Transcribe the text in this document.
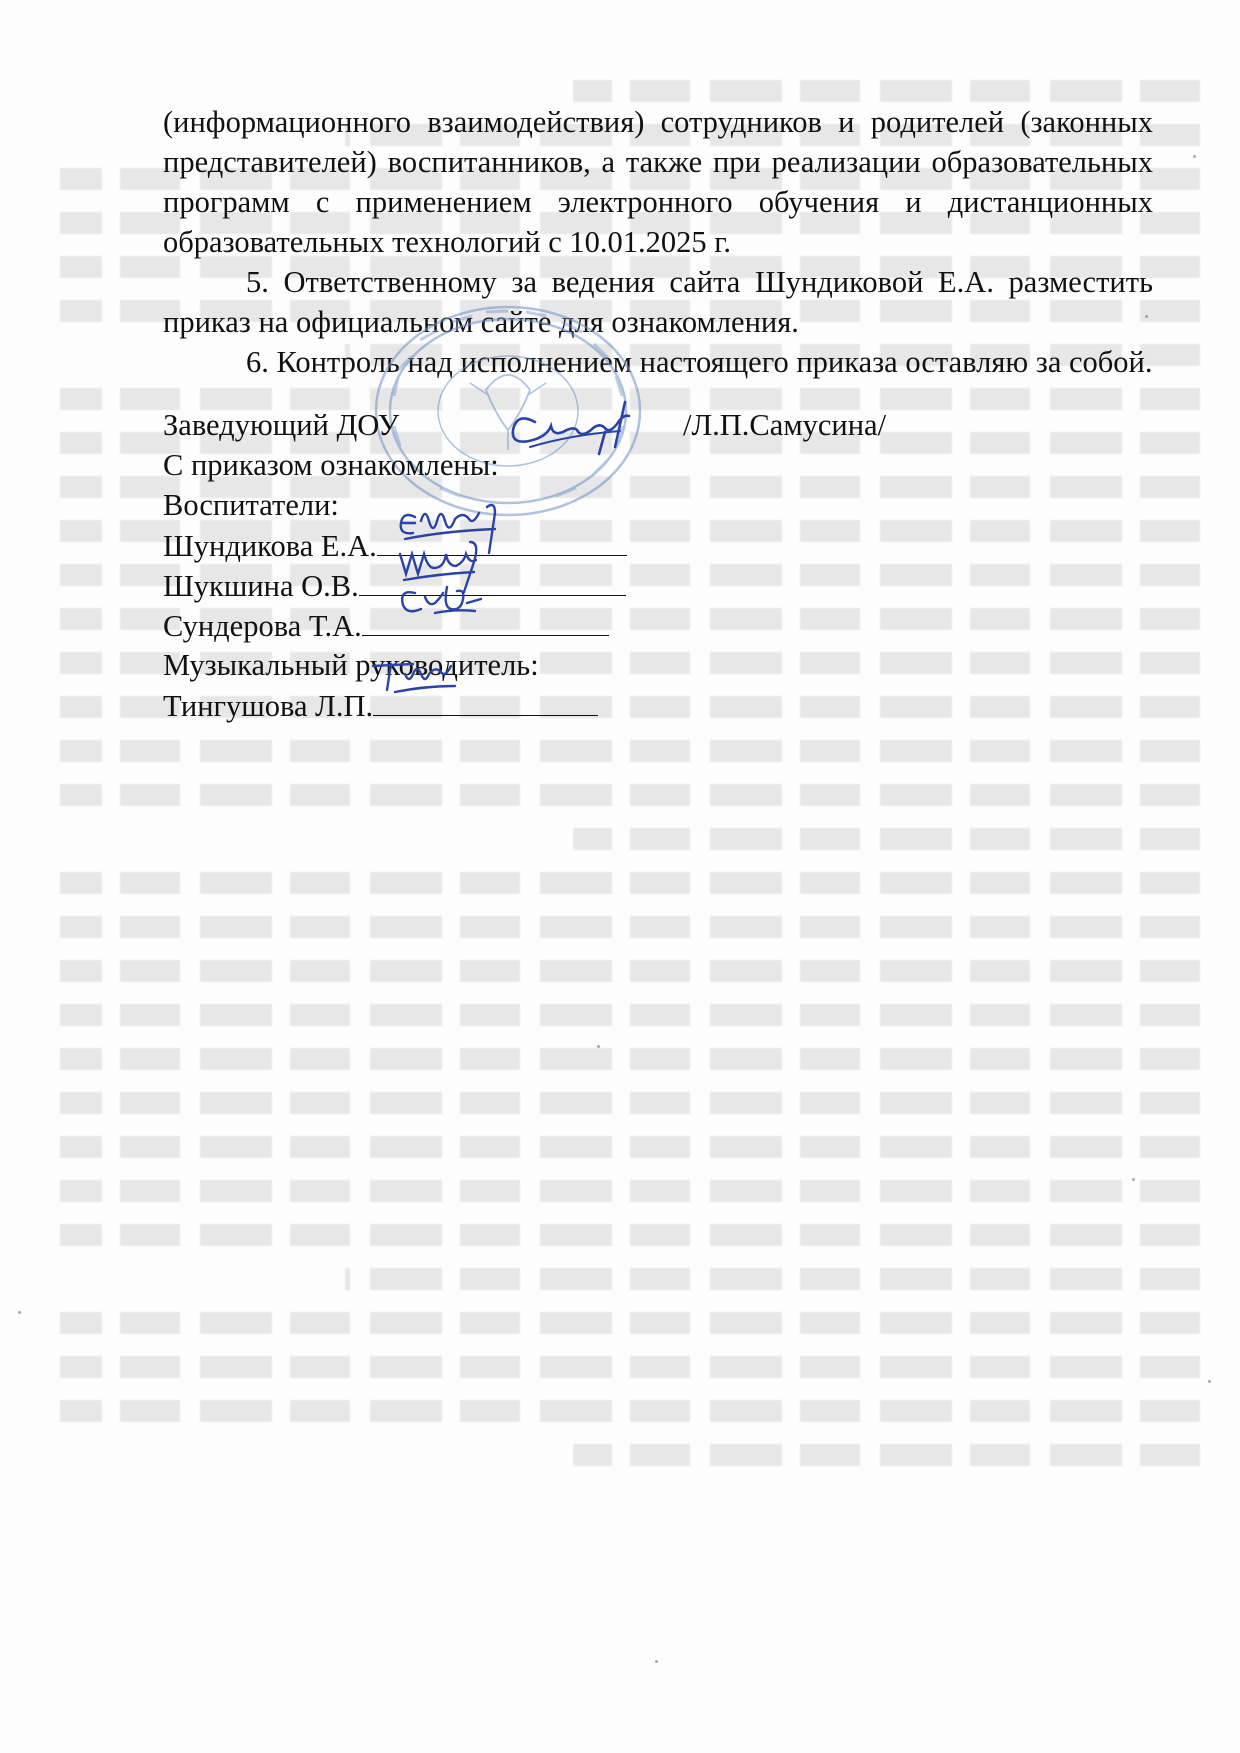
(информационного взаимодействия) сотрудников и родителей (законных представителей) воспитанников, а также при реализации образовательных программ с применением электронного обучения и дистанционных образовательных технологий с 10.01.2025 г.

5. Ответственному за ведения сайта Шундиковой Е.А. разместить приказ на официальном сайте для ознакомления.

6. Контроль над исполнением настоящего приказа оставляю за собой.

Заведующий ДОУ	/Л.П.Самусина/
С приказом ознакомлены:
Воспитатели:
Шундикова Е.А.
Шукшина О.В.
Сундерова Т.А.
Музыкальный руководитель:
Тингушова Л.П.
